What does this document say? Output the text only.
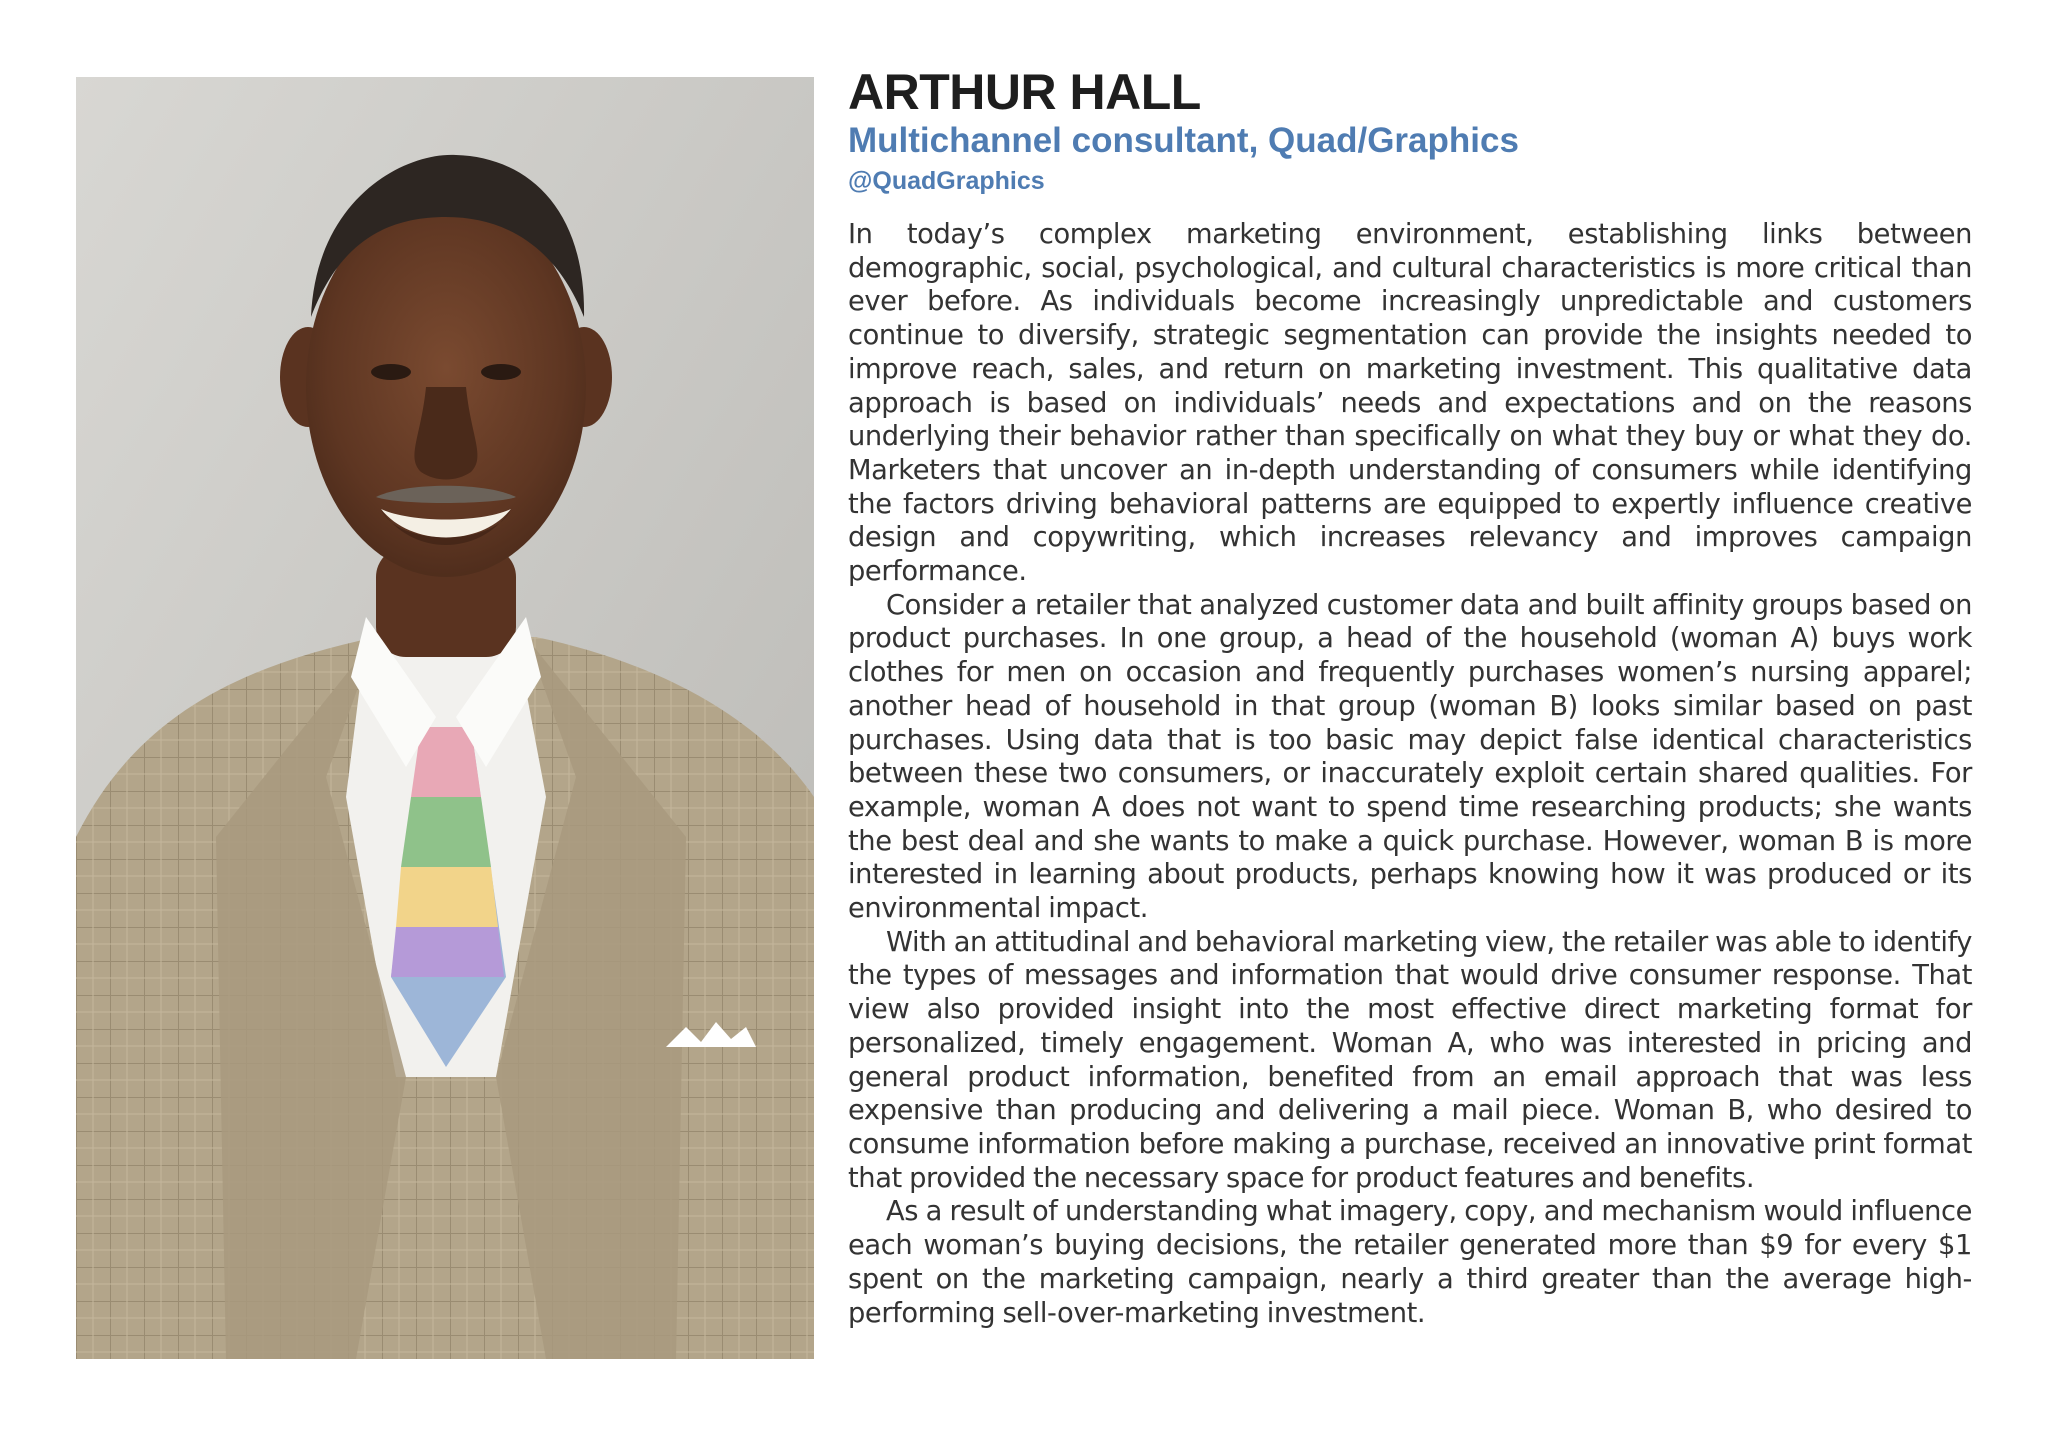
ARTHUR HALL
Multichannel consultant, Quad/Graphics
@QuadGraphics

In today’s complex marketing environment, establishing links between demographic, social, psychological, and cultural characteristics is more critical than ever before. As individuals become increasingly unpredictable and customers continue to diversify, strategic segmentation can provide the insights needed to improve reach, sales, and return on marketing investment. This qualitative data approach is based on individuals’ needs and expectations and on the reasons underlying their behavior rather than specifically on what they buy or what they do. Marketers that uncover an in-depth understanding of consumers while identifying the factors driving behavioral patterns are equipped to expertly influence creative design and copywriting, which increases relevancy and improves campaign performance.

Consider a retailer that analyzed customer data and built affinity groups based on product purchases. In one group, a head of the household (woman A) buys work clothes for men on occasion and frequently purchases women’s nursing apparel; another head of household in that group (woman B) looks similar based on past purchases. Using data that is too basic may depict false identical characteristics between these two consumers, or inaccurately exploit certain shared qualities. For example, woman A does not want to spend time researching products; she wants the best deal and she wants to make a quick purchase. However, woman B is more interested in learning about products, perhaps knowing how it was produced or its environmental impact.

With an attitudinal and behavioral marketing view, the retailer was able to identify the types of messages and information that would drive consumer response. That view also provided insight into the most effective direct marketing format for personalized, timely engagement. Woman A, who was interested in pricing and general product information, benefited from an email approach that was less expensive than producing and delivering a mail piece. Woman B, who desired to consume information before making a purchase, received an innovative print format that provided the necessary space for product features and benefits.

As a result of understanding what imagery, copy, and mechanism would influence each woman’s buying decisions, the retailer generated more than $9 for every $1 spent on the marketing campaign, nearly a third greater than the average high-performing sell-over-marketing investment.
